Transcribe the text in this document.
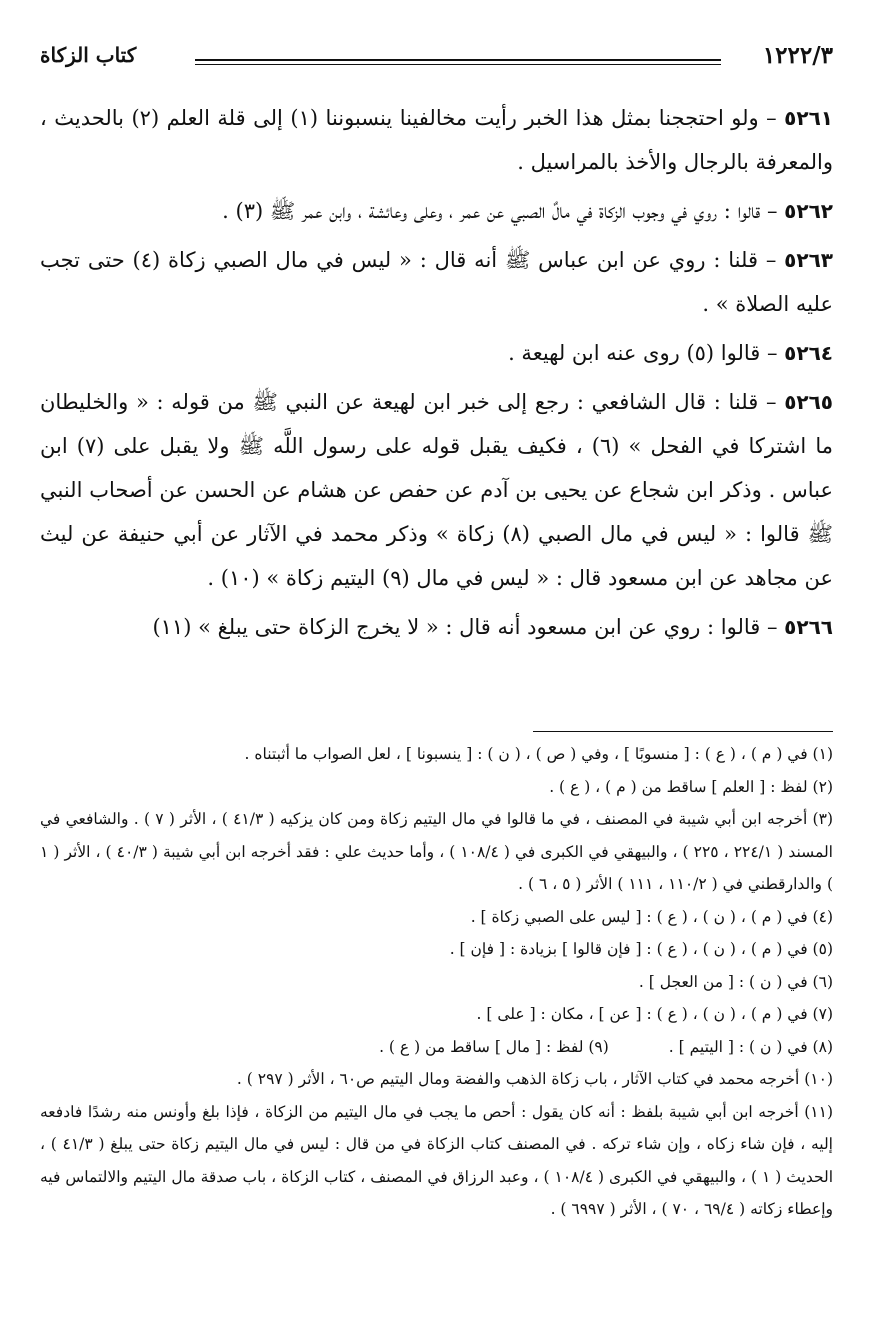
١٢٢٢/٣
كتاب الزكاة

٥٢٦١ – ولو احتججنا بمثل هذا الخبر رأيت مخالفينا ينسبوننا (١) إلى قلة العلم (٢) بالحديث ، والمعرفة بالرجال والأخذ بالمراسيل .

٥٢٦٢ – قالوا : روي في وجوب الزكاة في مالٌ الصبي عن عمر ، وعلى وعائشة ، وابن عمر ﷺ (٣) .

٥٢٦٣ – قلنا : روي عن ابن عباس ﷺ أنه قال : « ليس في مال الصبي زكاة (٤) حتى تجب عليه الصلاة » .

٥٢٦٤ – قالوا (٥) روى عنه ابن لهيعة .

٥٢٦٥ – قلنا : قال الشافعي : رجع إلى خبر ابن لهيعة عن النبي ﷺ من قوله : « والخليطان ما اشتركا في الفحل » (٦) ، فكيف يقبل قوله على رسول اللَّه ﷺ ولا يقبل على (٧) ابن عباس . وذكر ابن شجاع عن يحيى بن آدم عن حفص عن هشام عن الحسن عن أصحاب النبي ﷺ قالوا : « ليس في مال الصبي (٨) زكاة » وذكر محمد في الآثار عن أبي حنيفة عن ليث عن مجاهد عن ابن مسعود قال : « ليس في مال (٩) اليتيم زكاة » (١٠) .

٥٢٦٦ – قالوا : روي عن ابن مسعود أنه قال : « لا يخرج الزكاة حتى يبلغ » (١١)

(١) في ( م ) ، ( ع ) : [ منسوبًا ] ، وفي ( ص ) ، ( ن ) : [ ينسبونا ] ، لعل الصواب ما أثبتناه .

(٢) لفظ : [ العلم ] ساقط من ( م ) ، ( ع ) .

(٣) أخرجه ابن أبي شيبة في المصنف ، في ما قالوا في مال اليتيم زكاة ومن كان يزكيه ( ٤١/٣ ) ، الأثر ( ٧ ) . والشافعي في المسند ( ٢٢٤/١ ، ٢٢٥ ) ، والبيهقي في الكبرى في ( ١٠٨/٤ ) ، وأما حديث علي : فقد أخرجه ابن أبي شيبة ( ٤٠/٣ ) ، الأثر ( ١ ) والدارقطني في ( ١١٠/٢ ، ١١١ ) الأثر ( ٥ ، ٦ ) .

(٤) في ( م ) ، ( ن ) ، ( ع ) : [ ليس على الصبي زكاة ] .

(٥) في ( م ) ، ( ن ) ، ( ع ) : [ فإن قالوا ] بزيادة : [ فإن ] .

(٦) في ( ن ) : [ من العجل ] .

(٧) في ( م ) ، ( ن ) ، ( ع ) : [ عن ] ، مكان : [ على ] .

(٨) في ( ن ) : [ اليتيم ] .

(٩) لفظ : [ مال ] ساقط من ( ع ) .

(١٠) أخرجه محمد في كتاب الآثار ، باب زكاة الذهب والفضة ومال اليتيم ص٦٠ ، الأثر ( ٢٩٧ ) .

(١١) أخرجه ابن أبي شيبة بلفظ : أنه كان يقول : أحص ما يجب في مال اليتيم من الزكاة ، فإذا بلغ وأونس منه رشدًا فادفعه إليه ، فإن شاء زكاه ، وإن شاء تركه . في المصنف كتاب الزكاة في من قال : ليس في مال اليتيم زكاة حتى يبلغ ( ٤١/٣ ) ، الحديث ( ١ ) ، والبيهقي في الكبرى ( ١٠٨/٤ ) ، وعبد الرزاق في المصنف ، كتاب الزكاة ، باب صدقة مال اليتيم والالتماس فيه وإعطاء زكاته ( ٦٩/٤ ، ٧٠ ) ، الأثر ( ٦٩٩٧ ) .
